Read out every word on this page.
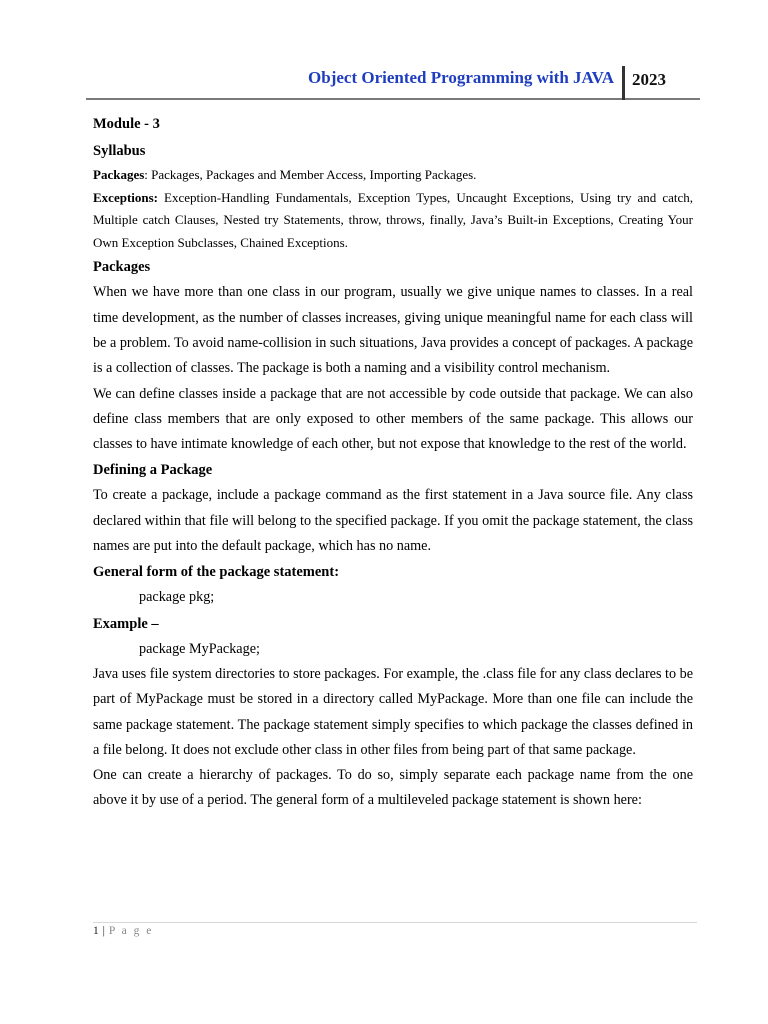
Object Oriented Programming with JAVA 2023

Module - 3

Syllabus

Packages: Packages, Packages and Member Access, Importing Packages.

Exceptions: Exception-Handling Fundamentals, Exception Types, Uncaught Exceptions, Using try and catch, Multiple catch Clauses, Nested try Statements, throw, throws, finally, Java’s Built-in Exceptions, Creating Your Own Exception Subclasses, Chained Exceptions.

Packages

When we have more than one class in our program, usually we give unique names to classes. In a real time development, as the number of classes increases, giving unique meaningful name for each class will be a problem. To avoid name-collision in such situations, Java provides a concept of packages. A package is a collection of classes. The package is both a naming and a visibility control mechanism.

We can define classes inside a package that are not accessible by code outside that package. We can also define class members that are only exposed to other members of the same package. This allows our classes to have intimate knowledge of each other, but not expose that knowledge to the rest of the world.

Defining a Package

To create a package, include a package command as the first statement in a Java source file. Any class declared within that file will belong to the specified package. If you omit the package statement, the class names are put into the default package, which has no name.

General form of the package statement:

package pkg;

Example –

package MyPackage;

Java uses file system directories to store packages. For example, the .class file for any class declares to be part of MyPackage must be stored in a directory called MyPackage. More than one file can include the same package statement. The package statement simply specifies to which package the classes defined in a file belong. It does not exclude other class in other files from being part of that same package.

One can create a hierarchy of packages. To do so, simply separate each package name from the one above it by use of a period. The general form of a multileveled package statement is shown here:

1 | P a g e
